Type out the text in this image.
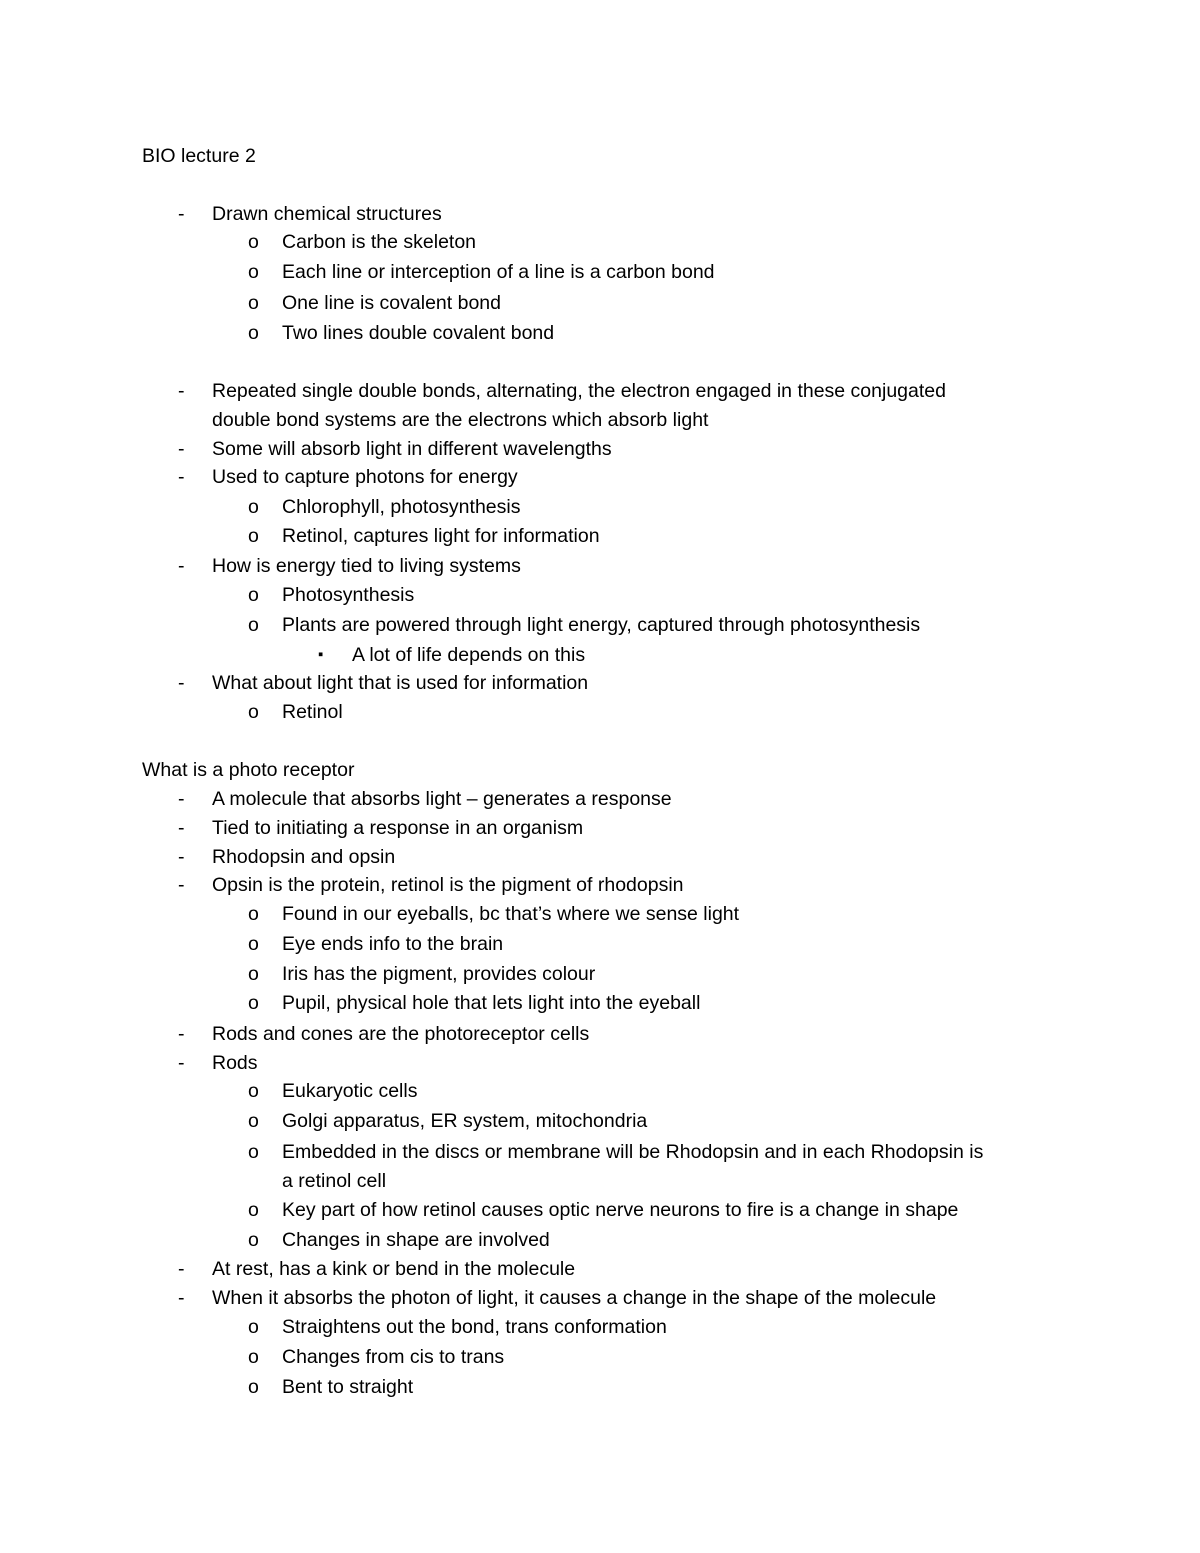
BIO lecture 2
What is a photo receptor
- Drawn chemical structures
o Carbon is the skeleton
o Each line or interception of a line is a carbon bond
o One line is covalent bond
o Two lines double covalent bond
- Repeated single double bonds, alternating, the electron engaged in these conjugated
double bond systems are the electrons which absorb light
- Some will absorb light in different wavelengths
- Used to capture photons for energy
o Chlorophyll, photosynthesis
o Retinol, captures light for information
- How is energy tied to living systems
o Photosynthesis
o Plants are powered through light energy, captured through photosynthesis
▪ A lot of life depends on this
- What about light that is used for information
o Retinol
- A molecule that absorbs light – generates a response
- Tied to initiating a response in an organism
- Rhodopsin and opsin
- Opsin is the protein, retinol is the pigment of rhodopsin
o Found in our eyeballs, bc that’s where we sense light
o Eye ends info to the brain
o Iris has the pigment, provides colour
o Pupil, physical hole that lets light into the eyeball
- Rods and cones are the photoreceptor cells
- Rods
o Eukaryotic cells
o Golgi apparatus, ER system, mitochondria
o Embedded in the discs or membrane will be Rhodopsin and in each Rhodopsin is
a retinol cell
o Key part of how retinol causes optic nerve neurons to fire is a change in shape
o Changes in shape are involved
- At rest, has a kink or bend in the molecule
- When it absorbs the photon of light, it causes a change in the shape of the molecule
o Straightens out the bond, trans conformation
o Changes from cis to trans
o Bent to straight
